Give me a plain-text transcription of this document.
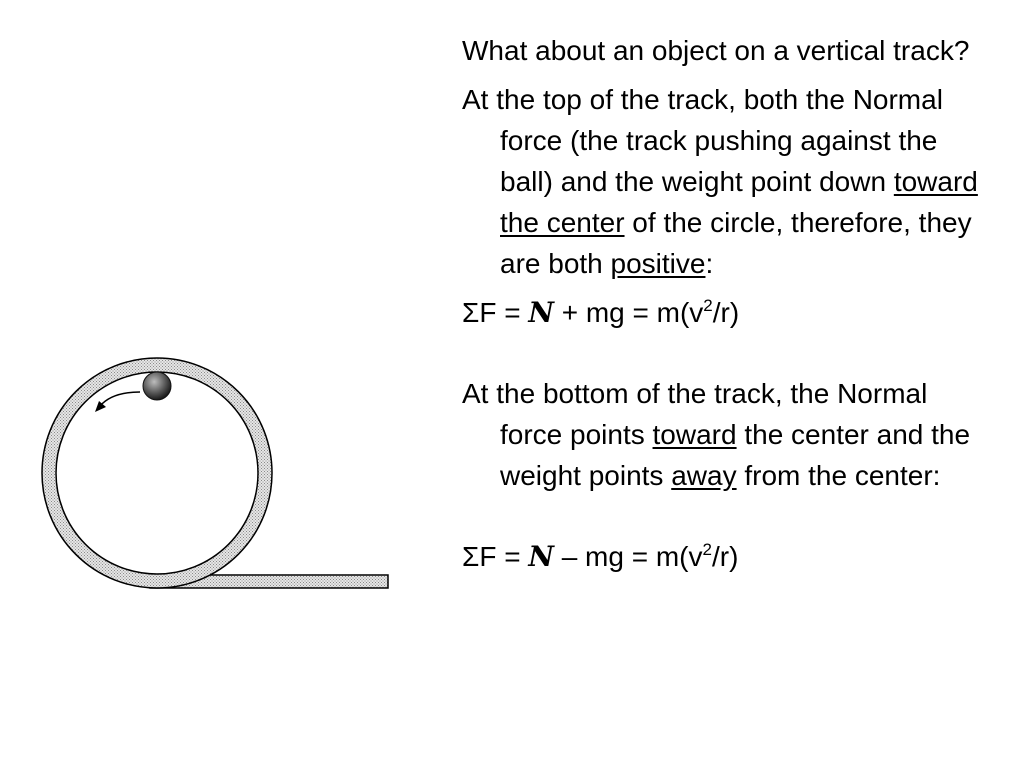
What about an object on a vertical track?

At the top of the track, both the Normal force (the track pushing against the ball) and the weight point down toward the center of the circle, therefore, they are both positive:

ΣF = N + mg = $m(v^2/r)$

At the bottom of the track, the Normal force points toward the center and the weight points away from the center:

ΣF = N – mg = $m(v^2/r)$
